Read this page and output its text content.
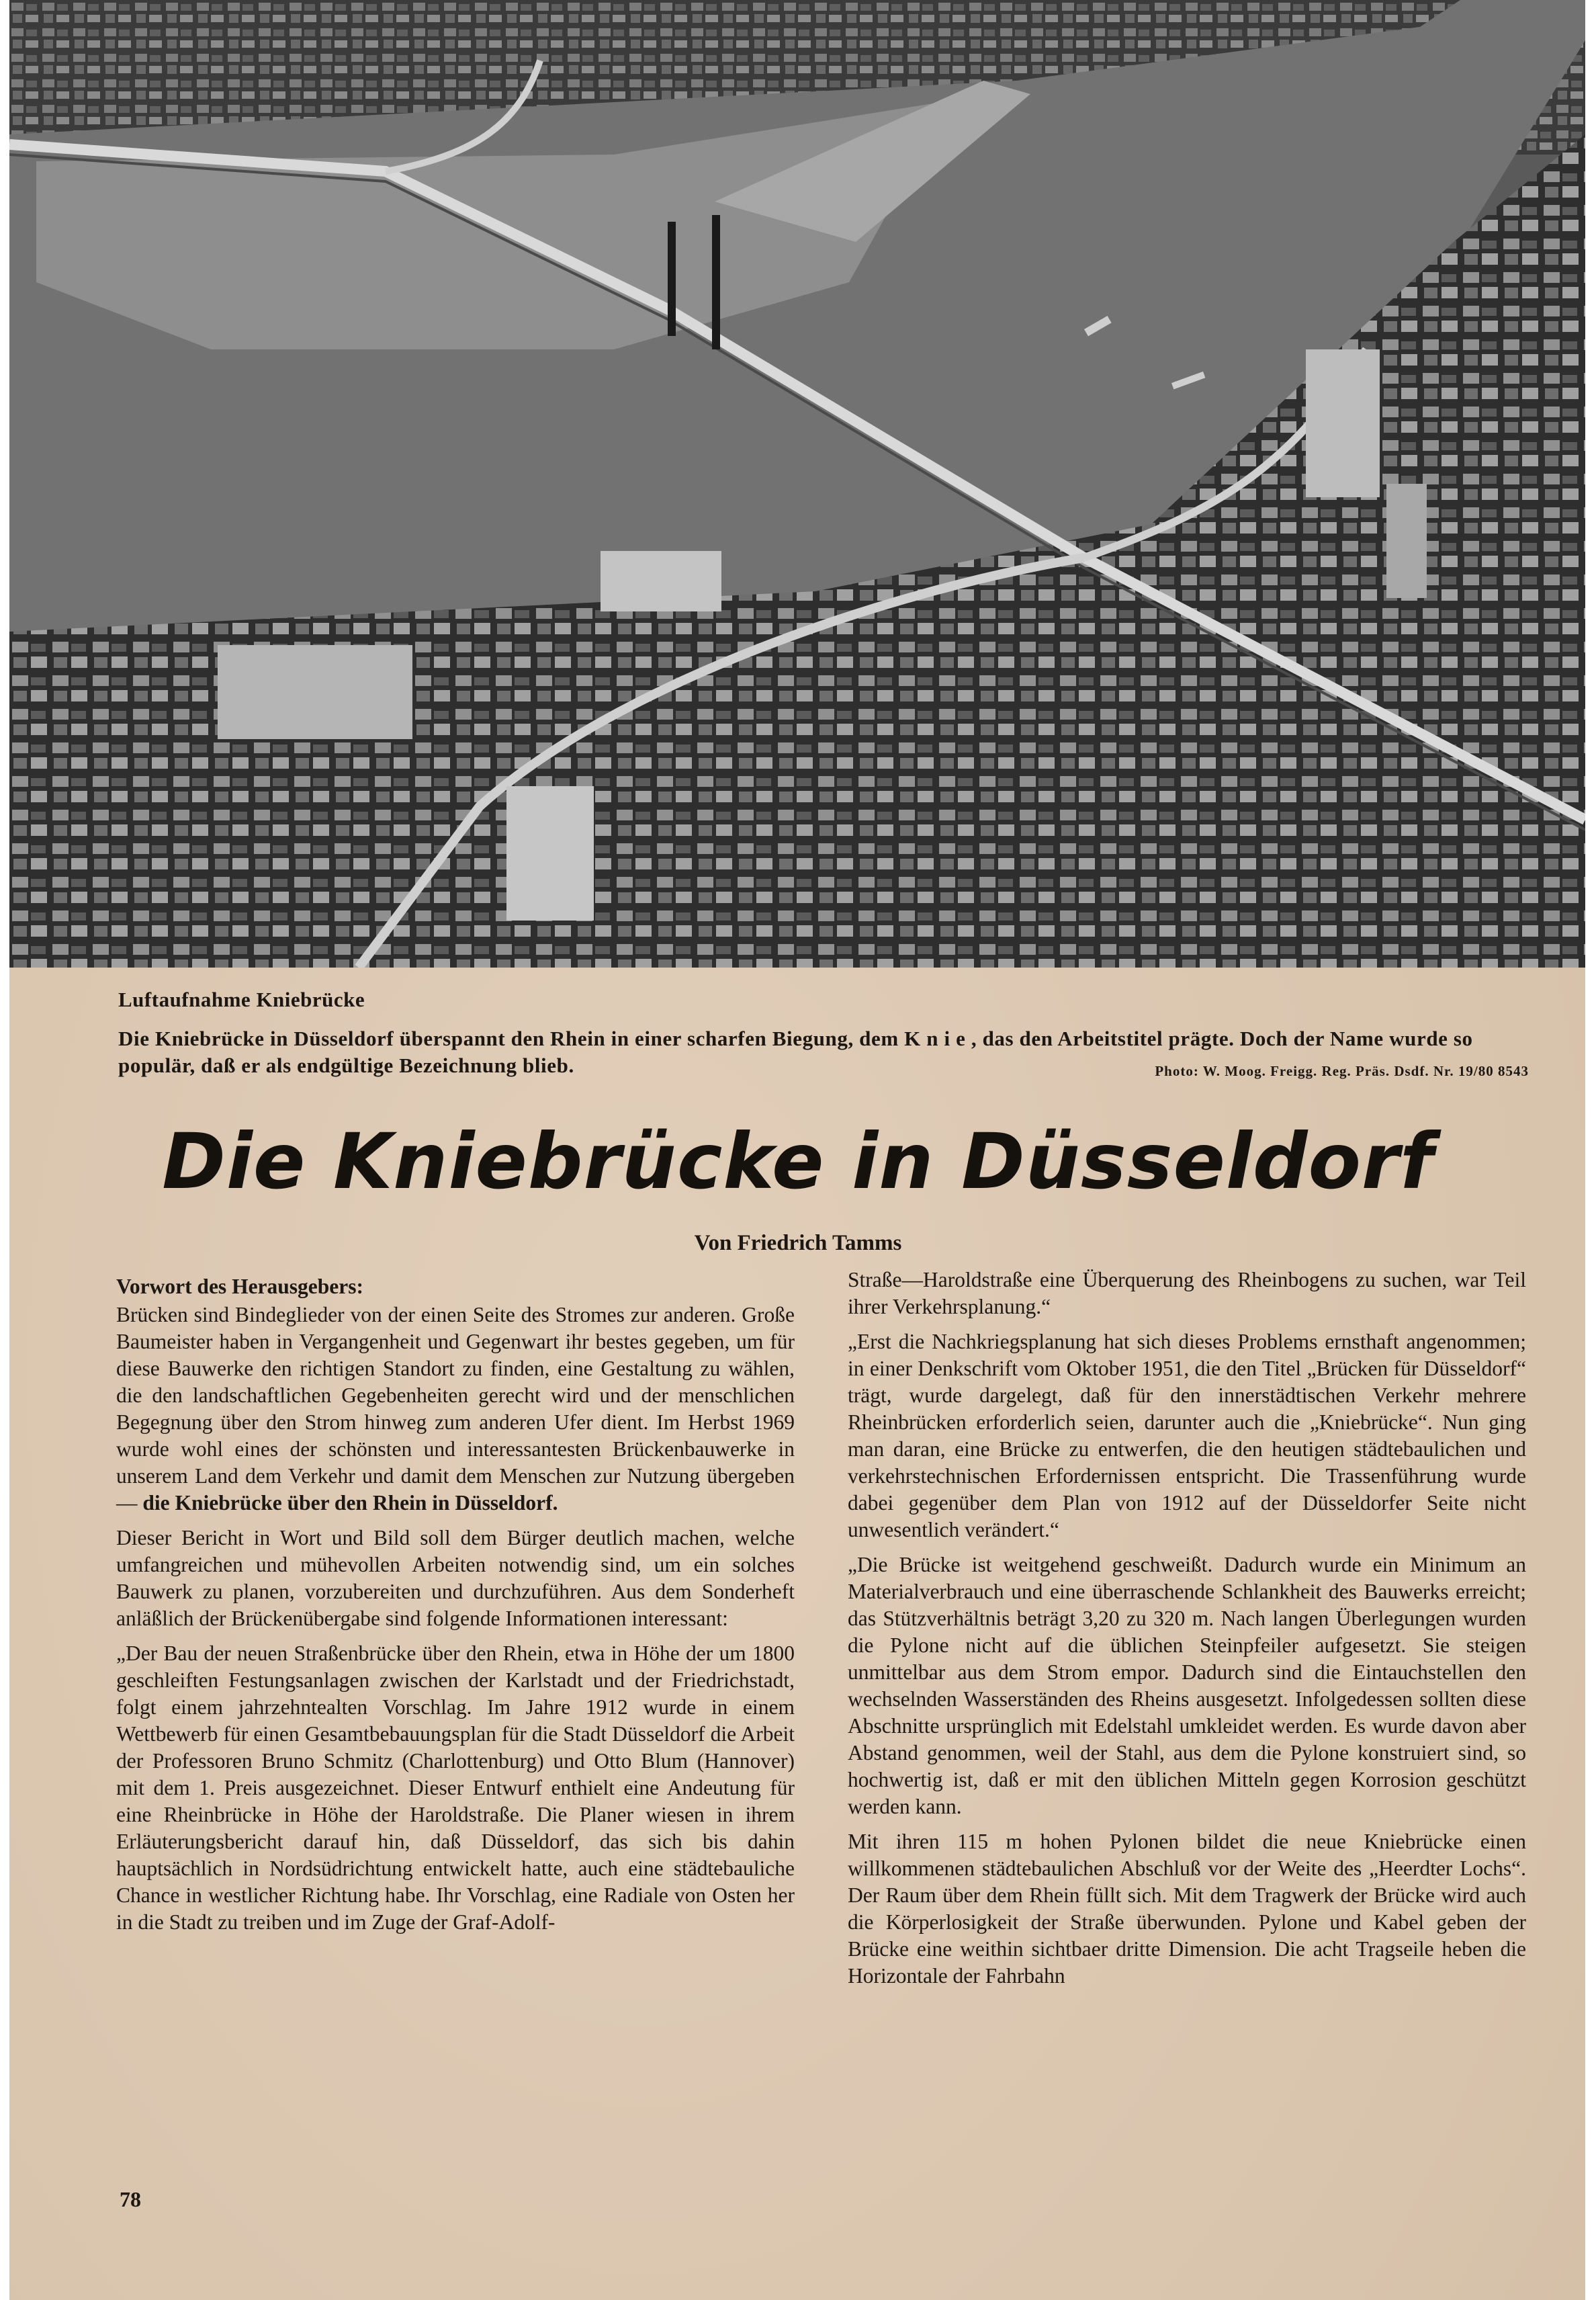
Luftaufnahme Kniebrücke
Die Kniebrücke in Düsseldorf überspannt den Rhein in einer scharfen Biegung, dem Knie, das den Arbeitstitel prägte. Doch der Name wurde so populär, daß er als endgültige Bezeichnung blieb.	Photo: W. Moog. Freigg. Reg. Präs. Dsdf. Nr. 19/80 8543
Die Kniebrücke in Düsseldorf
Von Friedrich Tamms

Vorwort des Herausgebers:

Brücken sind Bindeglieder von der einen Seite des Stromes zur anderen. Große Baumeister haben in Vergangenheit und Gegenwart ihr bestes gegeben, um für diese Bauwerke den richtigen Standort zu finden, eine Gestaltung zu wählen, die den landschaftlichen Gegebenheiten gerecht wird und der menschlichen Begegnung über den Strom hinweg zum anderen Ufer dient. Im Herbst 1969 wurde wohl eines der schönsten und interessantesten Brückenbauwerke in unserem Land dem Verkehr und damit dem Menschen zur Nutzung übergeben — die Kniebrücke über den Rhein in Düsseldorf.

Dieser Bericht in Wort und Bild soll dem Bürger deutlich machen, welche umfangreichen und mühevollen Arbeiten notwendig sind, um ein solches Bauwerk zu planen, vorzubereiten und durchzuführen. Aus dem Sonderheft anläßlich der Brückenübergabe sind folgende Informationen interessant:

„Der Bau der neuen Straßenbrücke über den Rhein, etwa in Höhe der um 1800 geschleiften Festungsanlagen zwischen der Karlstadt und der Friedrichstadt, folgt einem jahrzehntealten Vorschlag. Im Jahre 1912 wurde in einem Wettbewerb für einen Gesamtbebauungsplan für die Stadt Düsseldorf die Arbeit der Professoren Bruno Schmitz (Charlottenburg) und Otto Blum (Hannover) mit dem 1. Preis ausgezeichnet. Dieser Entwurf enthielt eine Andeutung für eine Rheinbrücke in Höhe der Haroldstraße. Die Planer wiesen in ihrem Erläuterungsbericht darauf hin, daß Düsseldorf, das sich bis dahin hauptsächlich in Nordsüdrichtung entwickelt hatte, auch eine städtebauliche Chance in westlicher Richtung habe. Ihr Vorschlag, eine Radiale von Osten her in die Stadt zu treiben und im Zuge der Graf-Adolf-

Straße—Haroldstraße eine Überquerung des Rheinbogens zu suchen, war Teil ihrer Verkehrsplanung.“

„Erst die Nachkriegsplanung hat sich dieses Problems ernsthaft angenommen; in einer Denkschrift vom Oktober 1951, die den Titel „Brücken für Düsseldorf“ trägt, wurde dargelegt, daß für den innerstädtischen Verkehr mehrere Rheinbrücken erforderlich seien, darunter auch die „Kniebrücke“. Nun ging man daran, eine Brücke zu entwerfen, die den heutigen städtebaulichen und verkehrstechnischen Erfordernissen entspricht. Die Trassenführung wurde dabei gegenüber dem Plan von 1912 auf der Düsseldorfer Seite nicht unwesentlich verändert.“

„Die Brücke ist weitgehend geschweißt. Dadurch wurde ein Minimum an Materialverbrauch und eine überraschende Schlankheit des Bauwerks erreicht; das Stützverhältnis beträgt 3,20 zu 320 m. Nach langen Überlegungen wurden die Pylone nicht auf die üblichen Steinpfeiler aufgesetzt. Sie steigen unmittelbar aus dem Strom empor. Dadurch sind die Eintauchstellen den wechselnden Wasserständen des Rheins ausgesetzt. Infolgedessen sollten diese Abschnitte ursprünglich mit Edelstahl umkleidet werden. Es wurde davon aber Abstand genommen, weil der Stahl, aus dem die Pylone konstruiert sind, so hochwertig ist, daß er mit den üblichen Mitteln gegen Korrosion geschützt werden kann.

Mit ihren 115 m hohen Pylonen bildet die neue Kniebrücke einen willkommenen städtebaulichen Abschluß vor der Weite des „Heerdter Lochs“. Der Raum über dem Rhein füllt sich. Mit dem Tragwerk der Brücke wird auch die Körperlosigkeit der Straße überwunden. Pylone und Kabel geben der Brücke eine weithin sichtbaer dritte Dimension. Die acht Tragseile heben die Horizontale der Fahrbahn

78
